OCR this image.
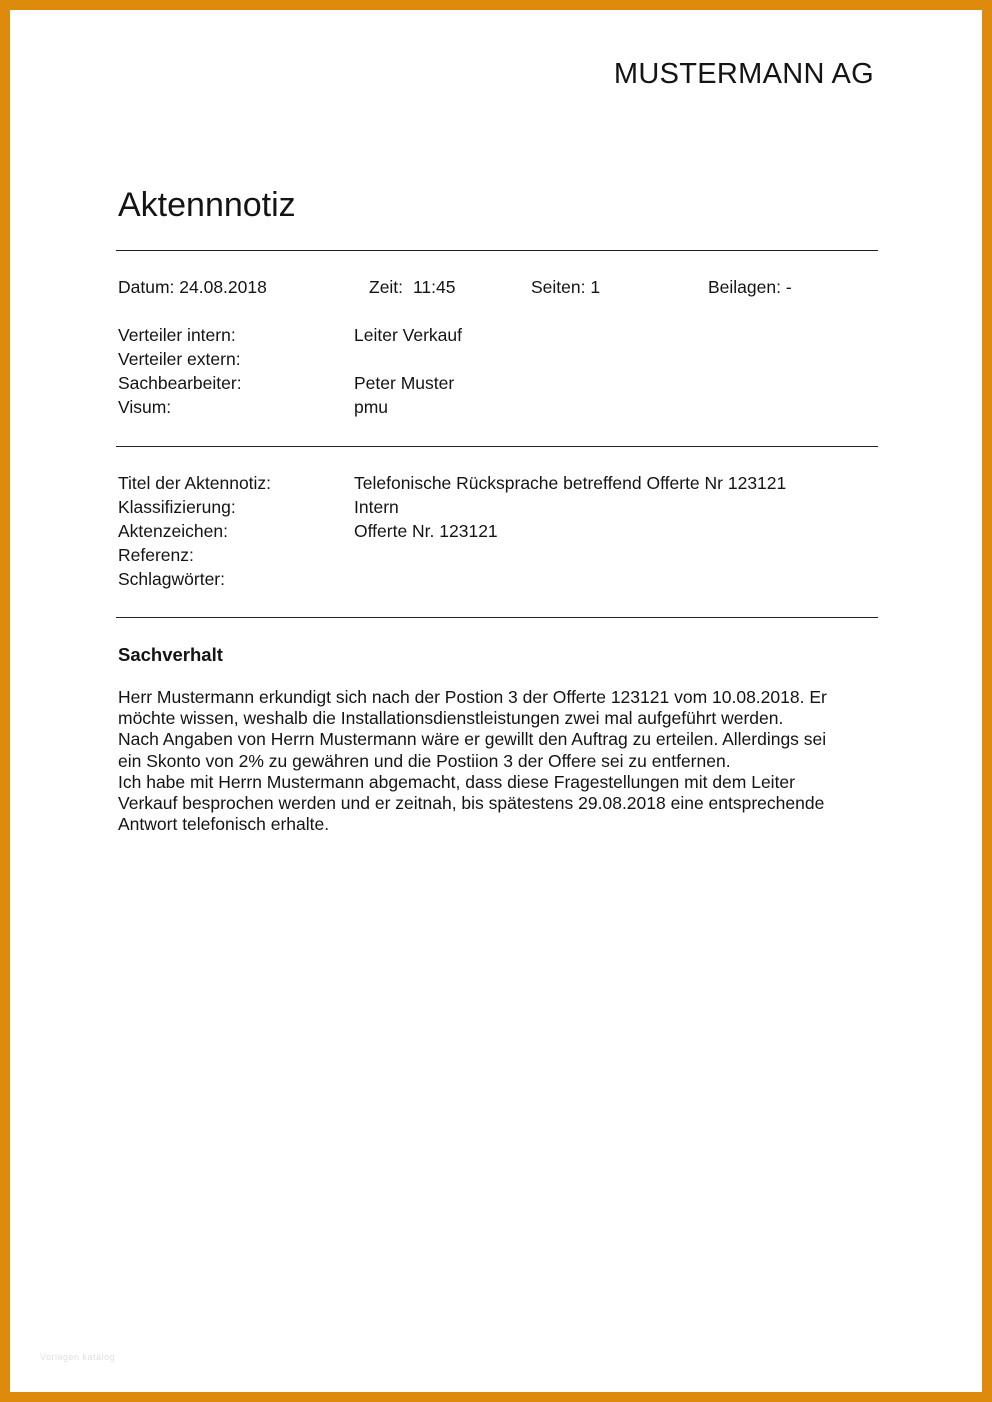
MUSTERMANN AG
Aktennnotiz
Datum: 24.08.2018	Zeit: 11:45	Seiten: 1	Beilagen: -
Verteiler intern:	Leiter Verkauf
Verteiler extern:
Sachbearbeiter:	Peter Muster
Visum:	pmu
Titel der Aktennotiz:	Telefonische Rücksprache betreffend Offerte Nr 123121
Klassifizierung:	Intern
Aktenzeichen:	Offerte Nr. 123121
Referenz:
Schlagwörter:
Sachverhalt
Herr Mustermann erkundigt sich nach der Postion 3 der Offerte 123121 vom 10.08.2018. Er
möchte wissen, weshalb die Installationsdienstleistungen zwei mal aufgeführt werden.
Nach Angaben von Herrn Mustermann wäre er gewillt den Auftrag zu erteilen. Allerdings sei
ein Skonto von 2% zu gewähren und die Postiion 3 der Offere sei zu entfernen.
Ich habe mit Herrn Mustermann abgemacht, dass diese Fragestellungen mit dem Leiter
Verkauf besprochen werden und er zeitnah, bis spätestens 29.08.2018 eine entsprechende
Antwort telefonisch erhalte.
Vorlagen katalog
